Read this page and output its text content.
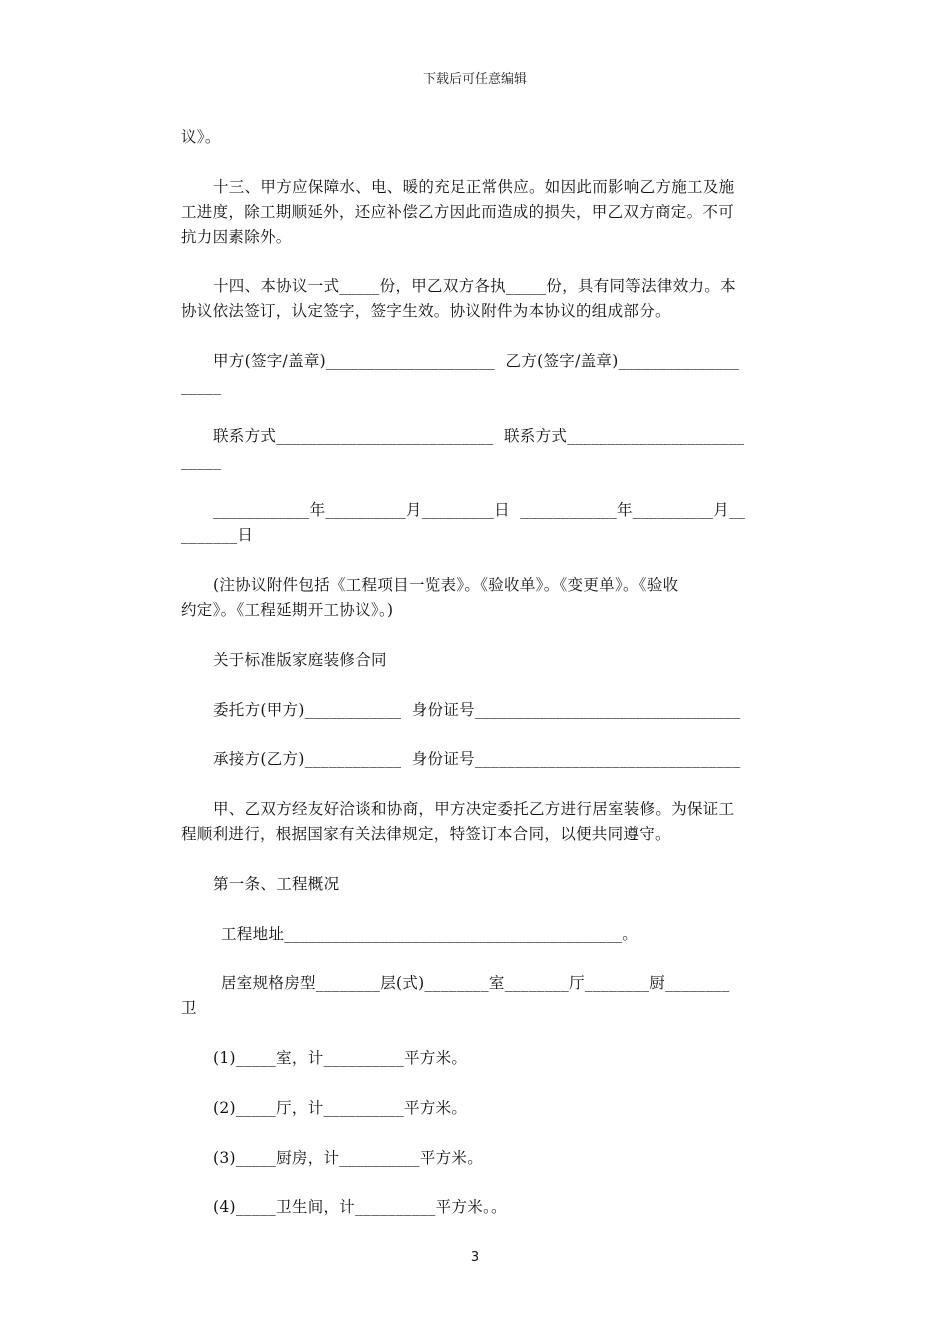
下载后可任意编辑
议》。
十三、甲方应保障水、电、暖的充足正常供应。如因此而影响乙方施工及施
工进度，除工期顺延外，还应补偿乙方因此而造成的损失，甲乙双方商定。不可
抗力因素除外。
十四、本协议一式_____份，甲乙双方各执_____份，具有同等法律效力。本
协议依法签订，认定签字，签字生效。协议附件为本协议的组成部分。
甲方(签字/盖章)_____________________  乙方(签字/盖章)_______________
_____
联系方式___________________________  联系方式______________________
_____
____________年__________月_________日  ____________年__________月__
_______日
(注协议附件包括《工程项目一览表》。《验收单》。《变更单》。《验收
约定》。《工程延期开工协议》。)
关于标准版家庭装修合同
委托方(甲方)____________  身份证号_________________________________
承接方(乙方)____________  身份证号_________________________________
甲、乙双方经友好洽谈和协商，甲方决定委托乙方进行居室装修。为保证工
程顺利进行，根据国家有关法律规定，特签订本合同，以便共同遵守。
第一条、工程概况
工程地址__________________________________________。
居室规格房型________层(式)________室________厅________厨________
卫
(1)_____室，计__________平方米。
(2)_____厅，计__________平方米。
(3)_____厨房，计__________平方米。
(4)_____卫生间，计__________平方米。。
3
